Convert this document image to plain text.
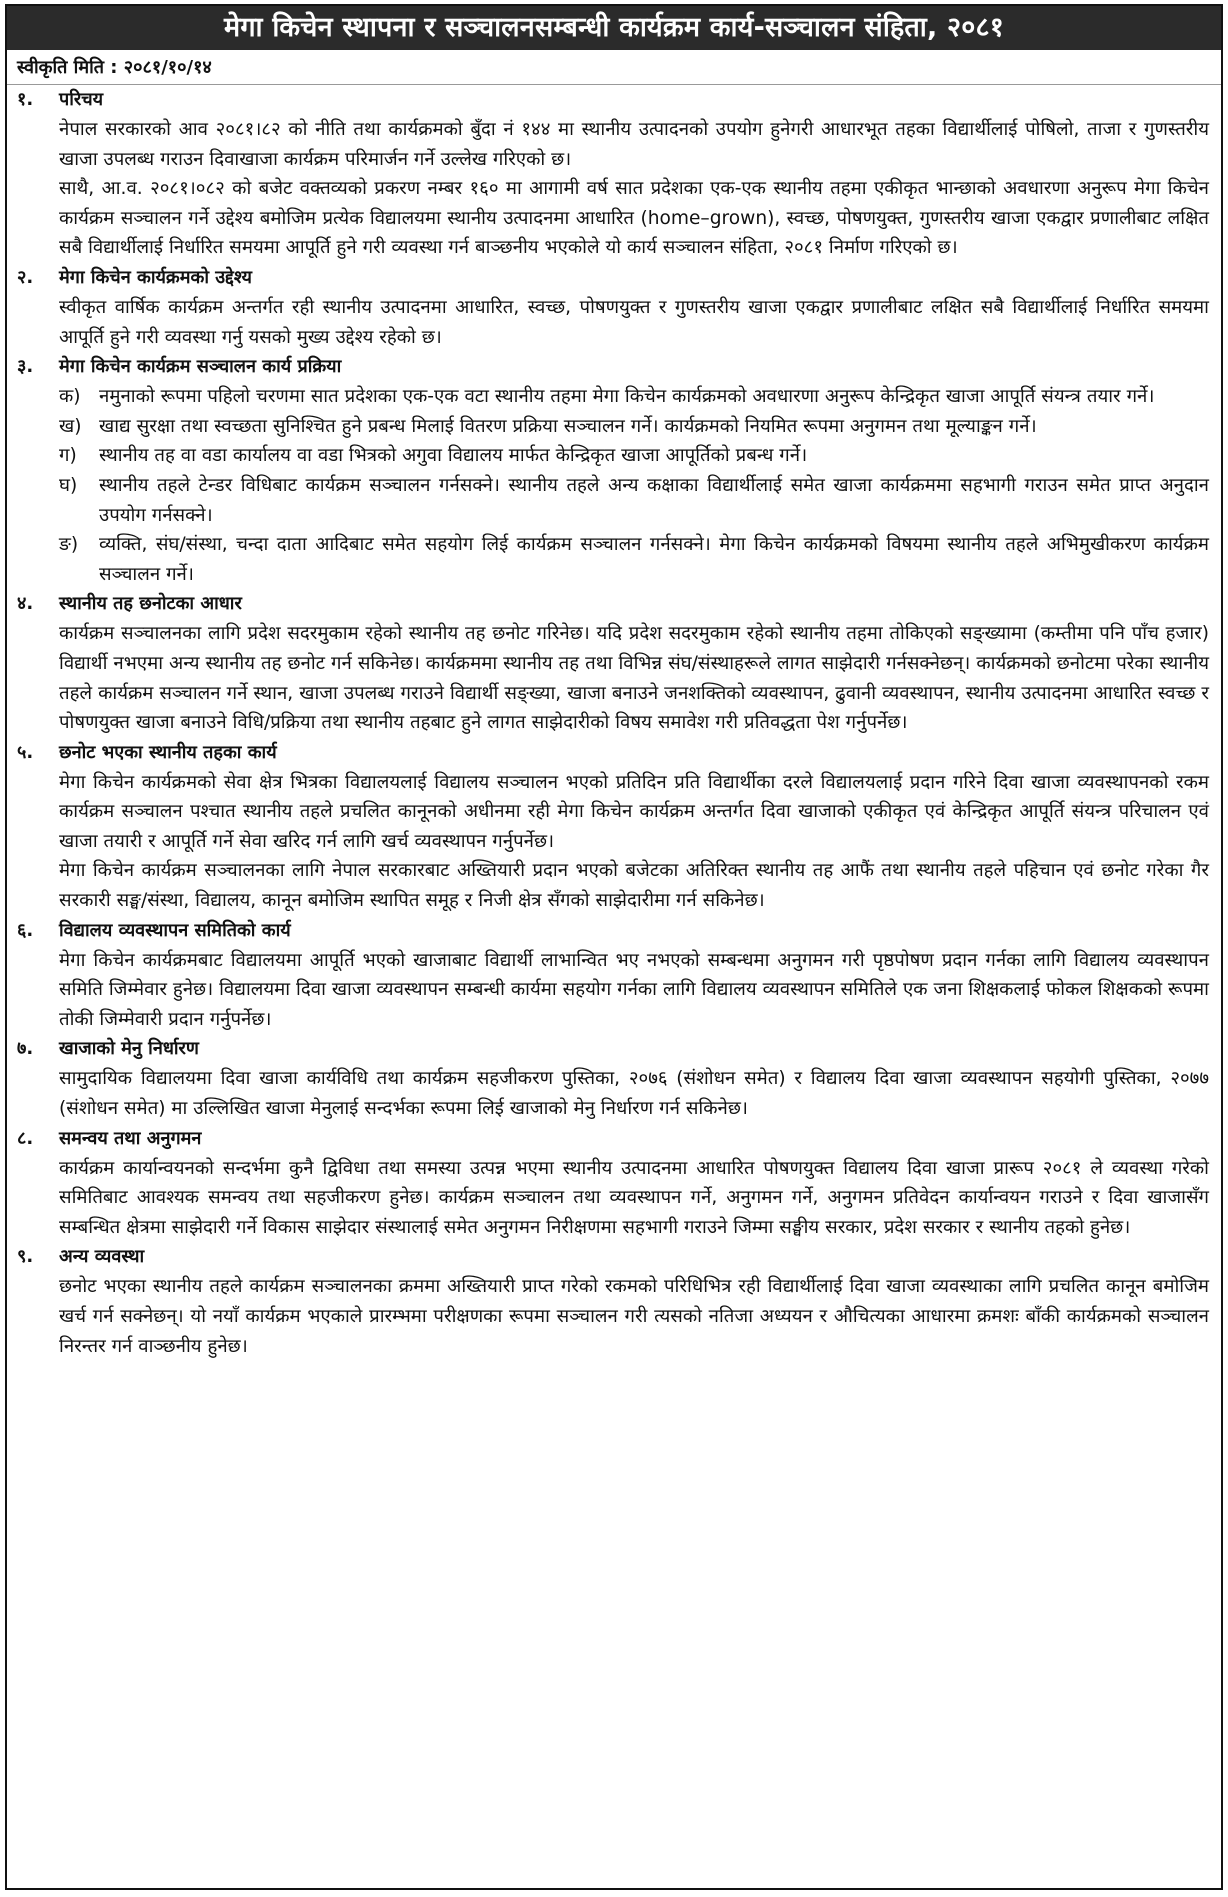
मेगा किचेन स्थापना र सञ्चालनसम्बन्धी कार्यक्रम कार्य-सञ्चालन संहिता, २०८१
स्वीकृति मिति : २०८१/१०/१४
१.	परिचय
नेपाल सरकारको आव २०८१।८२ को नीति तथा कार्यक्रमको बुँदा नं १४४ मा स्थानीय उत्पादनको उपयोग हुनेगरी आधारभूत तहका विद्यार्थीलाई पोषिलो, ताजा र गुणस्तरीय खाजा उपलब्ध गराउन दिवाखाजा कार्यक्रम परिमार्जन गर्ने उल्लेख गरिएको छ।
साथै, आ.व. २०८१।०८२ को बजेट वक्तव्यको प्रकरण नम्बर १६० मा आगामी वर्ष सात प्रदेशका एक-एक स्थानीय तहमा एकीकृत भान्छाको अवधारणा अनुरूप मेगा किचेन कार्यक्रम सञ्चालन गर्ने उद्देश्य बमोजिम प्रत्येक विद्यालयमा स्थानीय उत्पादनमा आधारित (home–grown), स्वच्छ, पोषणयुक्त, गुणस्तरीय खाजा एकद्वार प्रणालीबाट लक्षित सबै विद्यार्थीलाई निर्धारित समयमा आपूर्ति हुने गरी व्यवस्था गर्न बाञ्छनीय भएकोले यो कार्य सञ्चालन संहिता, २०८१ निर्माण गरिएको छ।
२.	मेगा किचेन कार्यक्रमको उद्देश्य
स्वीकृत वार्षिक कार्यक्रम अन्तर्गत रही स्थानीय उत्पादनमा आधारित, स्वच्छ, पोषणयुक्त र गुणस्तरीय खाजा एकद्वार प्रणालीबाट लक्षित सबै विद्यार्थीलाई निर्धारित समयमा आपूर्ति हुने गरी व्यवस्था गर्नु यसको मुख्य उद्देश्य रहेको छ।
३.	मेगा किचेन कार्यक्रम सञ्चालन कार्य प्रक्रिया
क) नमुनाको रूपमा पहिलो चरणमा सात प्रदेशका एक-एक वटा स्थानीय तहमा मेगा किचेन कार्यक्रमको अवधारणा अनुरूप केन्द्रिकृत खाजा आपूर्ति संयन्त्र तयार गर्ने।
ख) खाद्य सुरक्षा तथा स्वच्छता सुनिश्चित हुने प्रबन्ध मिलाई वितरण प्रक्रिया सञ्चालन गर्ने। कार्यक्रमको नियमित रूपमा अनुगमन तथा मूल्याङ्कन गर्ने।
ग)	स्थानीय तह वा वडा कार्यालय वा वडा भित्रको अगुवा विद्यालय मार्फत केन्द्रिकृत खाजा आपूर्तिको प्रबन्ध गर्ने।
घ)	स्थानीय तहले टेन्डर विधिबाट कार्यक्रम सञ्चालन गर्नसक्ने। स्थानीय तहले अन्य कक्षाका विद्यार्थीलाई समेत खाजा कार्यक्रममा सहभागी गराउन समेत प्राप्त अनुदान उपयोग गर्नसक्ने।
ङ)	व्यक्ति, संघ/संस्था, चन्दा दाता आदिबाट समेत सहयोग लिई कार्यक्रम सञ्चालन गर्नसक्ने। मेगा किचेन कार्यक्रमको विषयमा स्थानीय तहले अभिमुखीकरण कार्यक्रम सञ्चालन गर्ने।
४.	स्थानीय तह छनोटका आधार
कार्यक्रम सञ्चालनका लागि प्रदेश सदरमुकाम रहेको स्थानीय तह छनोट गरिनेछ। यदि प्रदेश सदरमुकाम रहेको स्थानीय तहमा तोकिएको सङ्ख्यामा (कम्तीमा पनि पाँच हजार) विद्यार्थी नभएमा अन्य स्थानीय तह छनोट गर्न सकिनेछ। कार्यक्रममा स्थानीय तह तथा विभिन्न संघ/संस्थाहरूले लागत साझेदारी गर्नसक्नेछन्। कार्यक्रमको छनोटमा परेका स्थानीय तहले कार्यक्रम सञ्चालन गर्ने स्थान, खाजा उपलब्ध गराउने विद्यार्थी सङ्ख्या, खाजा बनाउने जनशक्तिको व्यवस्थापन, ढुवानी व्यवस्थापन, स्थानीय उत्पादनमा आधारित स्वच्छ र पोषणयुक्त खाजा बनाउने विधि/प्रक्रिया तथा स्थानीय तहबाट हुने लागत साझेदारीको विषय समावेश गरी प्रतिवद्धता पेश गर्नुपर्नेछ।
५.	छनोट भएका स्थानीय तहका कार्य
मेगा किचेन कार्यक्रमको सेवा क्षेत्र भित्रका विद्यालयलाई विद्यालय सञ्चालन भएको प्रतिदिन प्रति विद्यार्थीका दरले विद्यालयलाई प्रदान गरिने दिवा खाजा व्यवस्थापनको रकम कार्यक्रम सञ्चालन पश्चात स्थानीय तहले प्रचलित कानूनको अधीनमा रही मेगा किचेन कार्यक्रम अन्तर्गत दिवा खाजाको एकीकृत एवं केन्द्रिकृत आपूर्ति संयन्त्र परिचालन एवं खाजा तयारी र आपूर्ति गर्ने सेवा खरिद गर्न लागि खर्च व्यवस्थापन गर्नुपर्नेछ।
मेगा किचेन कार्यक्रम सञ्चालनका लागि नेपाल सरकारबाट अख्तियारी प्रदान भएको बजेटका अतिरिक्त स्थानीय तह आफैं तथा स्थानीय तहले पहिचान एवं छनोट गरेका गैर सरकारी सङ्घ/संस्था, विद्यालय, कानून बमोजिम स्थापित समूह र निजी क्षेत्र सँगको साझेदारीमा गर्न सकिनेछ।
६.	विद्यालय व्यवस्थापन समितिको कार्य
मेगा किचेन कार्यक्रमबाट विद्यालयमा आपूर्ति भएको खाजाबाट विद्यार्थी लाभान्वित भए नभएको सम्बन्धमा अनुगमन गरी पृष्ठपोषण प्रदान गर्नका लागि विद्यालय व्यवस्थापन समिति जिम्मेवार हुनेछ। विद्यालयमा दिवा खाजा व्यवस्थापन सम्बन्धी कार्यमा सहयोग गर्नका लागि विद्यालय व्यवस्थापन समितिले एक जना शिक्षकलाई फोकल शिक्षकको रूपमा तोकी जिम्मेवारी प्रदान गर्नुपर्नेछ।
७.	खाजाको मेनु निर्धारण
सामुदायिक विद्यालयमा दिवा खाजा कार्यविधि तथा कार्यक्रम सहजीकरण पुस्तिका, २०७६ (संशोधन समेत) र विद्यालय दिवा खाजा व्यवस्थापन सहयोगी पुस्तिका, २०७७ (संशोधन समेत) मा उल्लिखित खाजा मेनुलाई सन्दर्भका रूपमा लिई खाजाको मेनु निर्धारण गर्न सकिनेछ।
८.	समन्वय तथा अनुगमन
कार्यक्रम कार्यान्वयनको सन्दर्भमा कुनै द्विविधा तथा समस्या उत्पन्न भएमा स्थानीय उत्पादनमा आधारित पोषणयुक्त विद्यालय दिवा खाजा प्रारूप २०८१ ले व्यवस्था गरेको समितिबाट आवश्यक समन्वय तथा सहजीकरण हुनेछ। कार्यक्रम सञ्चालन तथा व्यवस्थापन गर्ने, अनुगमन गर्ने, अनुगमन प्रतिवेदन कार्यान्वयन गराउने र दिवा खाजासँग सम्बन्धित क्षेत्रमा साझेदारी गर्ने विकास साझेदार संस्थालाई समेत अनुगमन निरीक्षणमा सहभागी गराउने जिम्मा सङ्घीय सरकार, प्रदेश सरकार र स्थानीय तहको हुनेछ।
९.	अन्य व्यवस्था
छनोट भएका स्थानीय तहले कार्यक्रम सञ्चालनका क्रममा अख्तियारी प्राप्त गरेको रकमको परिधिभित्र रही विद्यार्थीलाई दिवा खाजा व्यवस्थाका लागि प्रचलित कानून बमोजिम खर्च गर्न सक्नेछन्। यो नयाँ कार्यक्रम भएकाले प्रारम्भमा परीक्षणका रूपमा सञ्चालन गरी त्यसको नतिजा अध्ययन र औचित्यका आधारमा क्रमशः बाँकी कार्यक्रमको सञ्चालन निरन्तर गर्न वाञ्छनीय हुनेछ।
